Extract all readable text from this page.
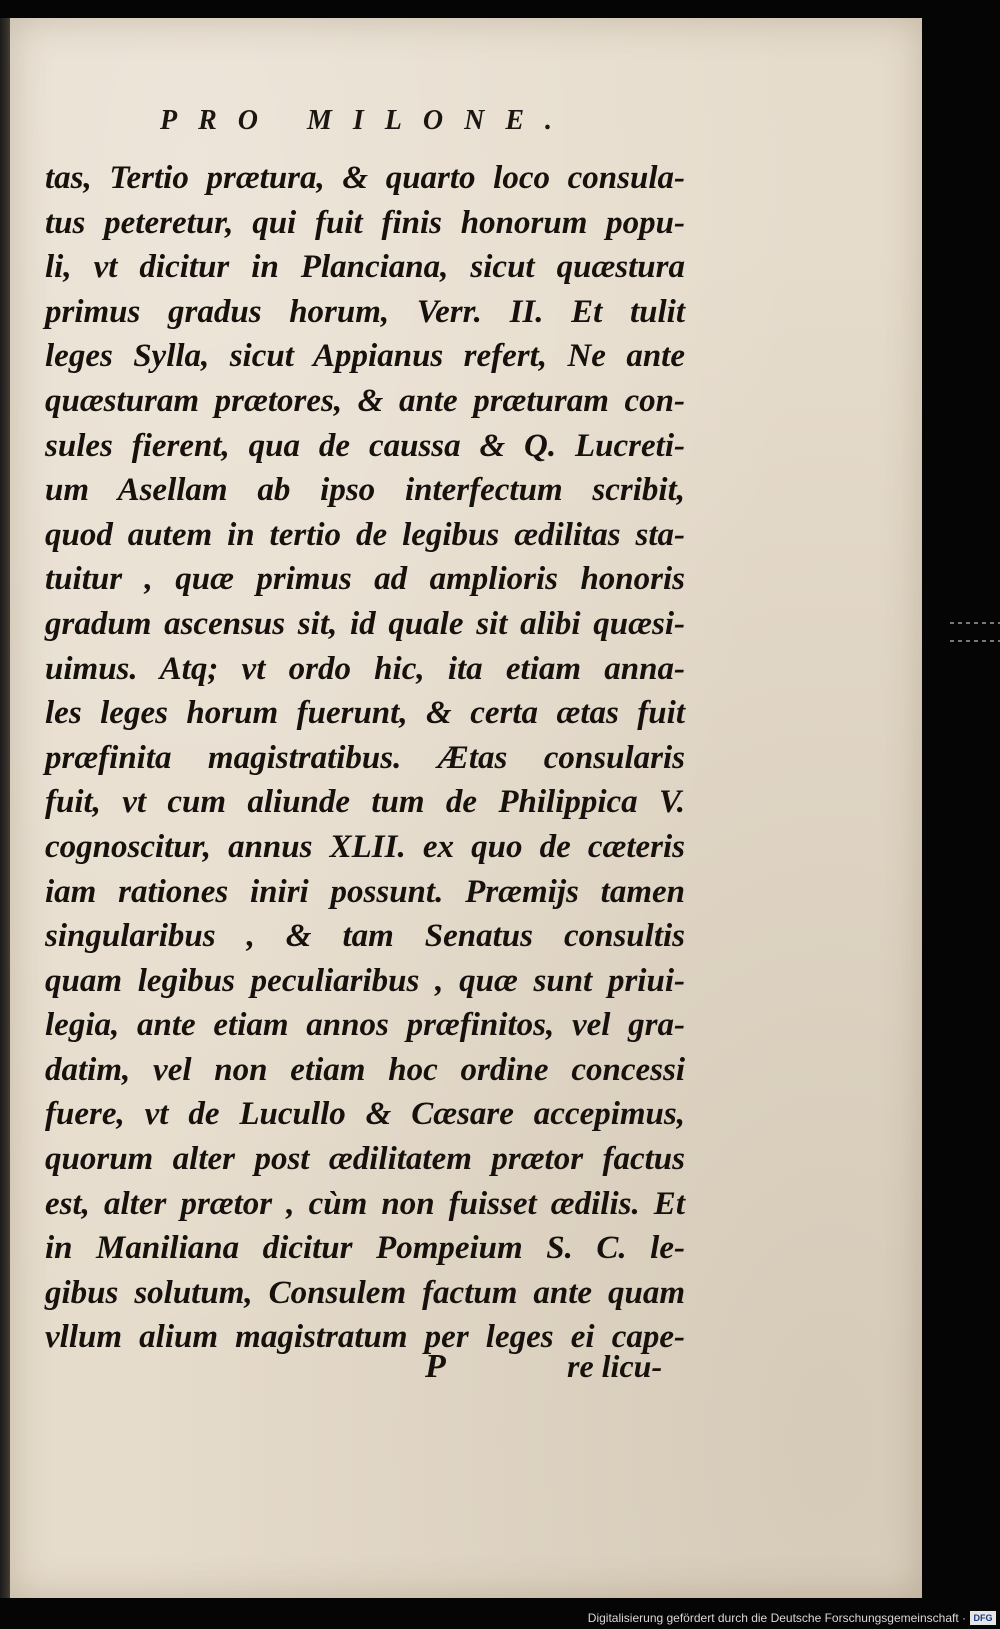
PRO MILONE.
tas, Tertio prætura, & quarto loco consula-
tus peteretur, qui fuit finis honorum popu-
li, vt dicitur in Planciana, sicut quæstura
primus gradus horum, Verr. II. Et tulit
leges Sylla, sicut Appianus refert, Ne ante
quæsturam prætores, & ante præturam con-
sules fierent, qua de caussa & Q. Lucreti-
um Asellam ab ipso interfectum scribit,
quod autem in tertio de legibus ædilitas sta-
tuitur , quæ primus ad amplioris honoris
gradum ascensus sit, id quale sit alibi quæsi-
uimus. Atq; vt ordo hic, ita etiam anna-
les leges horum fuerunt, & certa ætas fuit
præfinita magistratibus. Ætas consularis
fuit, vt cum aliunde tum de Philippica V.
cognoscitur, annus XLII. ex quo de cæteris
iam rationes iniri possunt. Præmijs tamen
singularibus , & tam Senatus consultis
quam legibus peculiaribus , quæ sunt priui-
legia, ante etiam annos præfinitos, vel gra-
datim, vel non etiam hoc ordine concessi
fuere, vt de Lucullo & Cæsare accepimus,
quorum alter post ædilitatem prætor factus
est, alter prætor , cùm non fuisset ædilis. Et
in Maniliana dicitur Pompeium S. C. le-
gibus solutum, Consulem factum ante quam
vllum alium magistratum per leges ei cape-
P	re licu-
Digitalisierung gefördert durch die Deutsche Forschungsgemeinschaft · DFG
